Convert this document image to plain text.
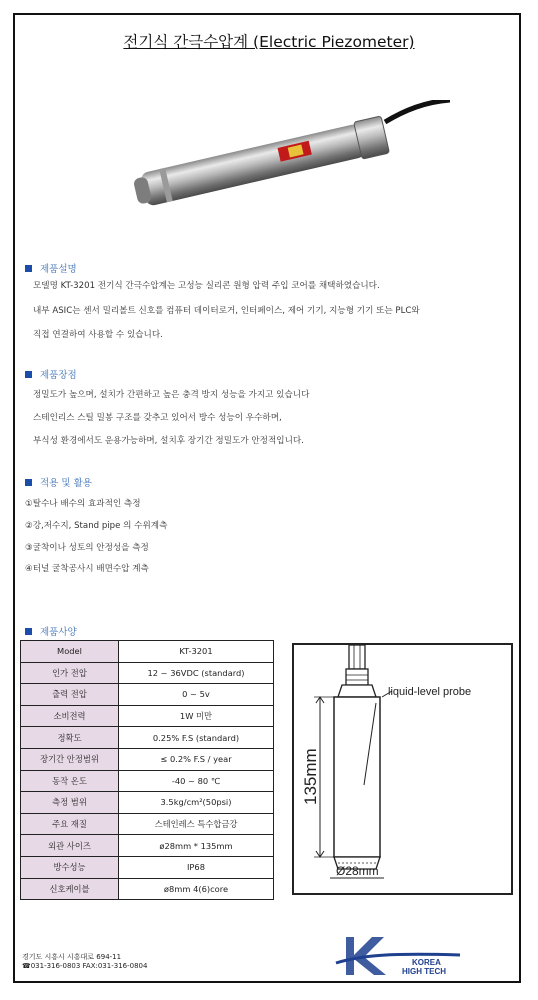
전기식 간극수압계 (Electric Piezometer)
제품설명
모델명 KT-3201 전기식 간극수압계는 고성능 실리콘 원형 압력 주입 코어를 채택하였습니다.
내부 ASIC는 센서 밀리볼트 신호를 컴퓨터 데이터로거, 인터페이스, 제어 기기, 지능형 기기 또는 PLC와
직접 연결하여 사용할 수 있습니다.
제품장점
정밀도가 높으며, 설치가 간편하고 높은 충격 방지 성능을 가지고 있습니다
스테인리스 스틸 밀봉 구조를 갖추고 있어서 방수 성능이 우수하며,
부식성 환경에서도 운용가능하며, 설치후 장기간 정밀도가 안정적입니다.
적용 및 활용
①탈수나 배수의 효과적인 측정
②강,저수지, Stand pipe 의 수위계측
③굴착이나 성토의 안정성을 측정
④터널 굴착공사시 배면수압 계측
제품사양
Model	KT-3201
인가 전압	12 ~ 36VDC (standard)
출력 전압	0 ~ 5v
소비전력	1W 미만
정확도	0.25% F.S (standard)
장기간 안정범위	≤ 0.2% F.S / year
동작 온도	-40 ~ 80 ℃
측정 범위	3.5kg/cm²(50psi)
주요 재질	스테인레스 특수합금강
외관 사이즈	ø28mm * 135mm
방수성능	IP68
신호케이블	ø8mm 4(6)core
liquid-level probe
135mm
Ø28mm
경기도 시흥시 시흥대로 694-11
☎031-316-0803 FAX:031-316-0804	KOREA
HIGH TECH
